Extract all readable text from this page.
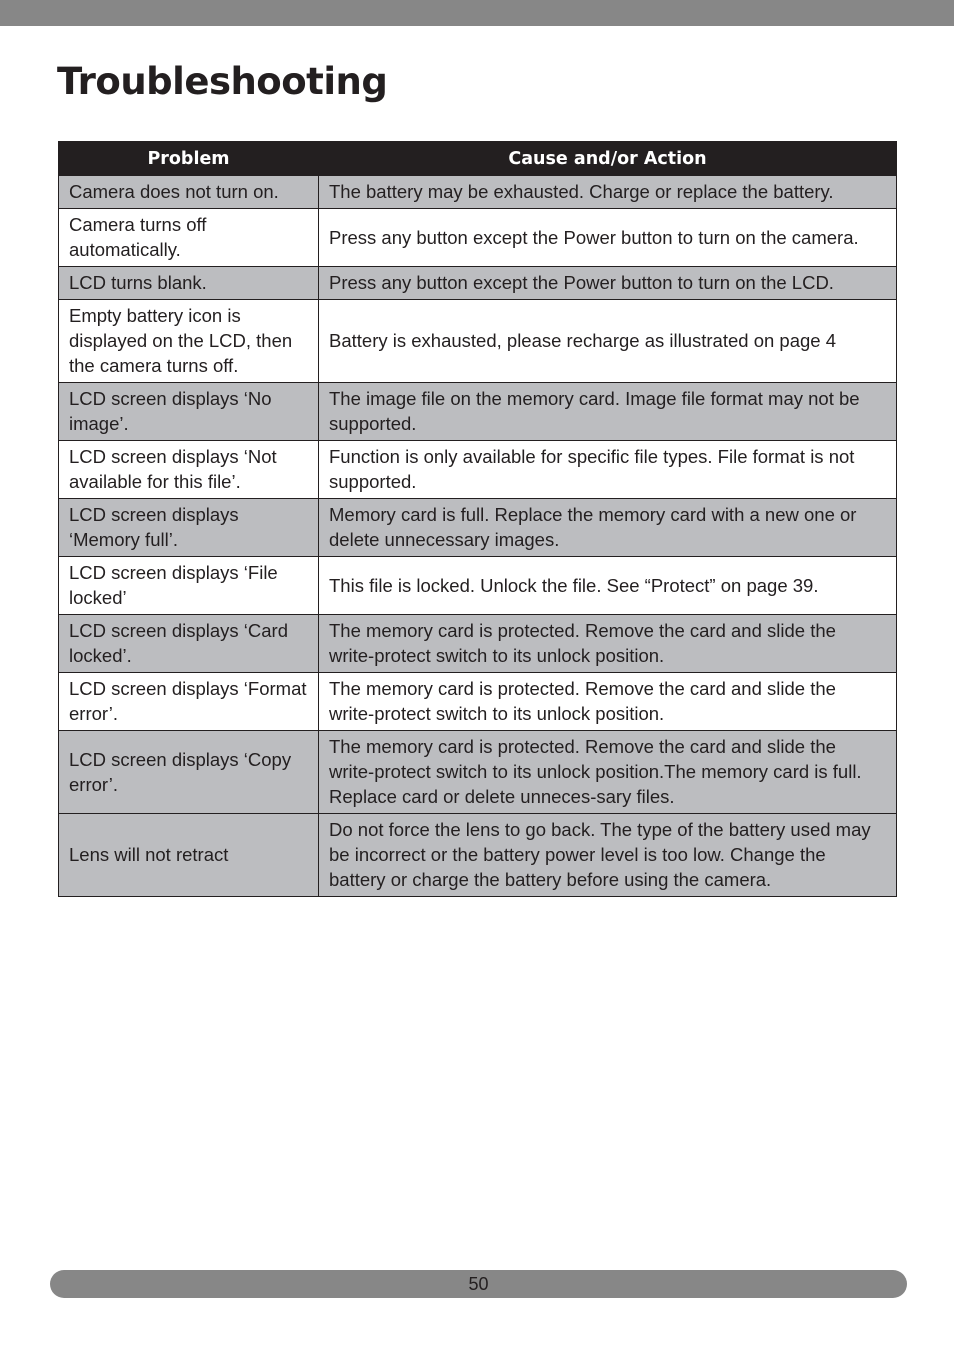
Troubleshooting
Problem	Cause and/or Action
Camera does not turn on.	The battery may be exhausted. Charge or replace the battery.
Camera turns off automatically.	Press any button except the Power button to turn on the camera.
LCD turns blank.	Press any button except the Power button to turn on the LCD.
Empty battery icon is displayed on the LCD, then the camera turns off.	Battery is exhausted, please recharge as illustrated on page 4
LCD screen displays ‘No image’.	The image file on the memory card. Image file format may not be supported.
LCD screen displays ‘Not available for this file’.	Function is only available for specific file types. File format is not supported.
LCD screen displays ‘Memory full’.	Memory card is full. Replace the memory card with a new one or delete unnecessary images.
LCD screen displays ‘File locked’	This file is locked. Unlock the file. See “Protect” on page 39.
LCD screen displays ‘Card locked’.	The memory card is protected. Remove the card and slide the write-protect switch to its unlock position.
LCD screen displays ‘Format error’.	The memory card is protected. Remove the card and slide the write-protect switch to its unlock position.
LCD screen displays ‘Copy error’.	The memory card is protected. Remove the card and slide the write-protect switch to its unlock position.The memory card is full. Replace card or delete unneces-sary files.
Lens will not retract	Do not force the lens to go back. The type of the battery used may be incorrect or the battery power level is too low. Change the battery or charge the battery before using the camera.
50
